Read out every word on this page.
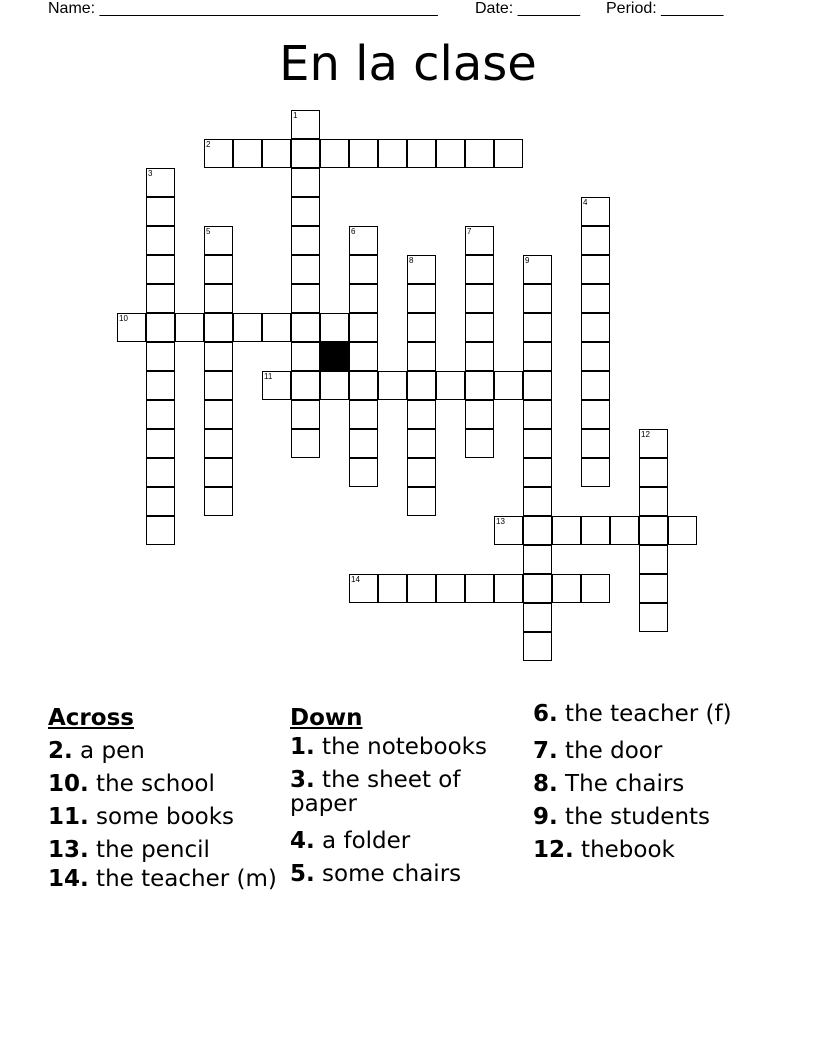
Name: ______________________________________ Date: _______ Period: _______
En la clase
1
2
3
4
5	6	7
8	9
10
11
12
13
14
Across
2. a pen
10. the school
11. some books
13. the pencil
14. the teacher (m)
Down
1. the notebooks
3. the sheet of paper
4. a folder
5. some chairs
6. the teacher (f)
7. the door
8. The chairs
9. the students
12. thebook
